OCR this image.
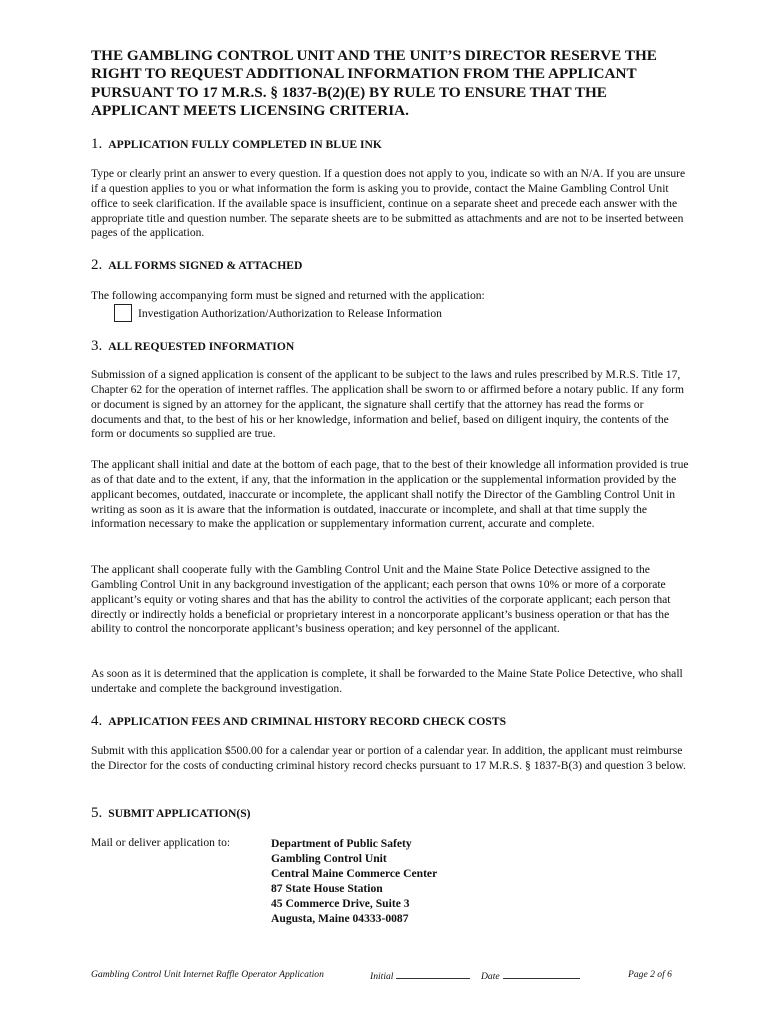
THE GAMBLING CONTROL UNIT AND THE UNIT’S DIRECTOR RESERVE THE RIGHT TO REQUEST ADDITIONAL INFORMATION FROM THE APPLICANT PURSUANT TO 17 M.R.S. § 1837-B(2)(E) BY RULE TO ENSURE THAT THE APPLICANT MEETS LICENSING CRITERIA.

1. APPLICATION FULLY COMPLETED IN BLUE INK

Type or clearly print an answer to every question. If a question does not apply to you, indicate so with an N/A. If you are unsure if a question applies to you or what information the form is asking you to provide, contact the Maine Gambling Control Unit office to seek clarification. If the available space is insufficient, continue on a separate sheet and precede each answer with the appropriate title and question number. The separate sheets are to be submitted as attachments and are not to be inserted between pages of the application.

2. ALL FORMS SIGNED & ATTACHED

The following accompanying form must be signed and returned with the application:

Investigation Authorization/Authorization to Release Information
3. ALL REQUESTED INFORMATION

Submission of a signed application is consent of the applicant to be subject to the laws and rules prescribed by M.R.S. Title 17, Chapter 62 for the operation of internet raffles. The application shall be sworn to or affirmed before a notary public. If any form or document is signed by an attorney for the applicant, the signature shall certify that the attorney has read the forms or documents and that, to the best of his or her knowledge, information and belief, based on diligent inquiry, the contents of the form or documents so supplied are true.

The applicant shall initial and date at the bottom of each page, that to the best of their knowledge all information provided is true as of that date and to the extent, if any, that the information in the application or the supplemental information provided by the applicant becomes, outdated, inaccurate or incomplete, the applicant shall notify the Director of the Gambling Control Unit in writing as soon as it is aware that the information is outdated, inaccurate or incomplete, and shall at that time supply the information necessary to make the application or supplementary information current, accurate and complete.

The applicant shall cooperate fully with the Gambling Control Unit and the Maine State Police Detective assigned to the Gambling Control Unit in any background investigation of the applicant; each person that owns 10% or more of a corporate applicant’s equity or voting shares and that has the ability to control the activities of the corporate applicant; each person that directly or indirectly holds a beneficial or proprietary interest in a noncorporate applicant’s business operation or that has the ability to control the noncorporate applicant’s business operation; and key personnel of the applicant.

As soon as it is determined that the application is complete, it shall be forwarded to the Maine State Police Detective, who shall undertake and complete the background investigation.

4. APPLICATION FEES AND CRIMINAL HISTORY RECORD CHECK COSTS

Submit with this application $500.00 for a calendar year or portion of a calendar year. In addition, the applicant must reimburse the Director for the costs of conducting criminal history record checks pursuant to 17 M.R.S. § 1837-B(3) and question 3 below.

5. SUBMIT APPLICATION(S)
Mail or deliver application to:	Department of Public Safety
Gambling Control Unit
Central Maine Commerce Center
87 State House Station
45 Commerce Drive, Suite 3
Augusta, Maine 04333-0087
Gambling Control Unit Internet Raffle Operator Application	Initial	Date	Page 2 of 6
